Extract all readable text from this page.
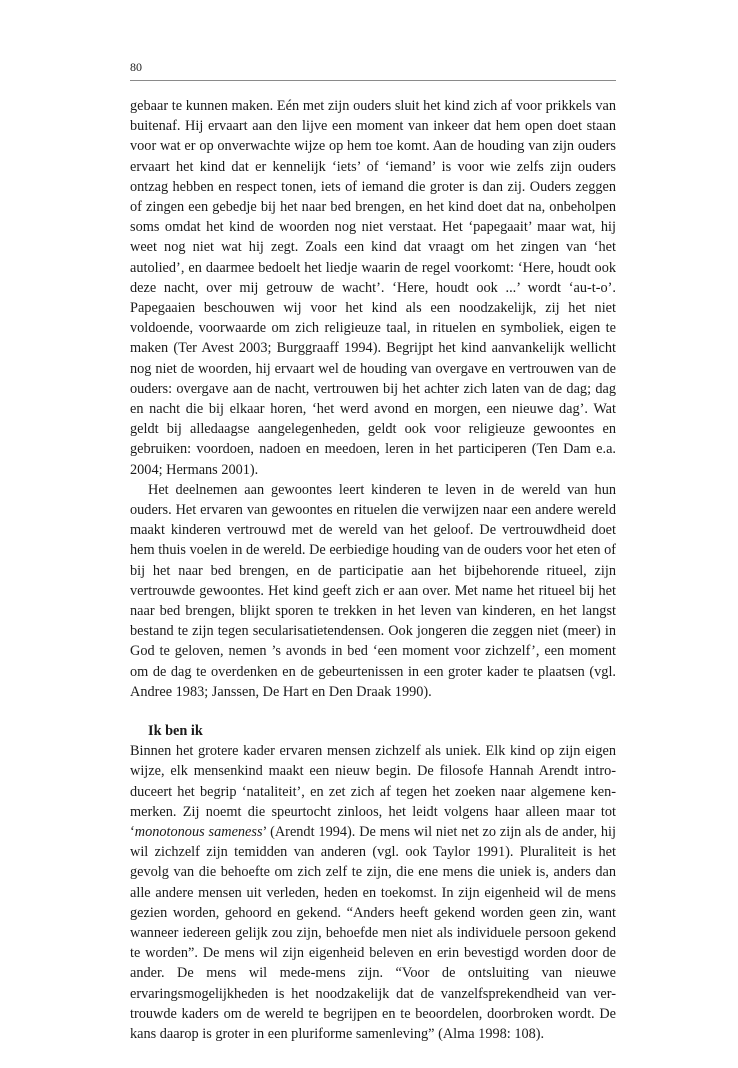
80

gebaar te kunnen maken. Eén met zijn ouders sluit het kind zich af voor prikkels van buitenaf. Hij ervaart aan den lijve een moment van inkeer dat hem open doet staan voor wat er op onverwachte wijze op hem toe komt. Aan de houding van zijn ouders ervaart het kind dat er kennelijk ‘iets’ of ‘iemand’ is voor wie zelfs zijn ouders ontzag hebben en respect tonen, iets of iemand die groter is dan zij. Ouders zeggen of zingen een gebedje bij het naar bed brengen, en het kind doet dat na, onbeholpen soms omdat het kind de woorden nog niet verstaat. Het ‘papegaait’ maar wat, hij weet nog niet wat hij zegt. Zoals een kind dat vraagt om het zingen van ‘het autolied’, en daarmee bedoelt het liedje waarin de regel voorkomt: ‘Here, houdt ook deze nacht, over mij getrouw de wacht’. ‘Here, houdt ook ...’ wordt ‘au-t-o’. Papegaaien beschouwen wij voor het kind als een noodzakelijk, zij het niet voldoende, voorwaarde om zich religieuze taal, in rituelen en symboliek, eigen te maken (Ter Avest 2003; Burggraaff 1994). Begrijpt het kind aanvankelijk wellicht nog niet de woorden, hij ervaart wel de houding van overgave en vertrouwen van de ouders: overgave aan de nacht, vertrouwen bij het achter zich laten van de dag; dag en nacht die bij elkaar horen, ‘het werd avond en morgen, een nieuwe dag’. Wat geldt bij alledaagse aangelegenheden, geldt ook voor religieuze gewoontes en gebruiken: voordoen, nadoen en meedoen, leren in het participeren (Ten Dam e.a. 2004; Hermans 2001).

Het deelnemen aan gewoontes leert kinderen te leven in de wereld van hun ouders. Het ervaren van gewoontes en rituelen die verwijzen naar een andere wereld maakt kinderen vertrouwd met de wereld van het geloof. De vertrouwdheid doet hem thuis voelen in de wereld. De eerbiedige houding van de ouders voor het eten of bij het naar bed brengen, en de participatie aan het bijbehorende ritueel, zijn vertrouwde gewoontes. Het kind geeft zich er aan over. Met name het ritueel bij het naar bed brengen, blijkt sporen te trekken in het leven van kinderen, en het langst bestand te zijn tegen secularisatietendensen. Ook jongeren die zeggen niet (meer) in God te geloven, nemen ’s avonds in bed ‘een moment voor zichzelf’, een moment om de dag te overdenken en de gebeurtenissen in een groter kader te plaatsen (vgl. Andree 1983; Janssen, De Hart en Den Draak 1990).

Ik ben ik

Binnen het grotere kader ervaren mensen zichzelf als uniek. Elk kind op zijn eigen wijze, elk mensenkind maakt een nieuw begin. De filosofe Hannah Arendt intro-duceert het begrip ‘nataliteit’, en zet zich af tegen het zoeken naar algemene ken-merken. Zij noemt die speurtocht zinloos, het leidt volgens haar alleen maar tot ‘monotonous sameness’ (Arendt 1994). De mens wil niet net zo zijn als de ander, hij wil zichzelf zijn temidden van anderen (vgl. ook Taylor 1991). Pluraliteit is het gevolg van die behoefte om zich zelf te zijn, die ene mens die uniek is, anders dan alle andere mensen uit verleden, heden en toekomst. In zijn eigenheid wil de mens gezien worden, gehoord en gekend. “Anders heeft gekend worden geen zin, want wanneer iedereen gelijk zou zijn, behoefde men niet als individuele persoon gekend te worden”. De mens wil zijn eigenheid beleven en erin bevestigd worden door de ander. De mens wil mede-mens zijn. “Voor de ontsluiting van nieuwe ervaringsmogelijkheden is het noodzakelijk dat de vanzelfsprekendheid van ver-trouwde kaders om de wereld te begrijpen en te beoordelen, doorbroken wordt. De kans daarop is groter in een pluriforme samenleving” (Alma 1998: 108).
